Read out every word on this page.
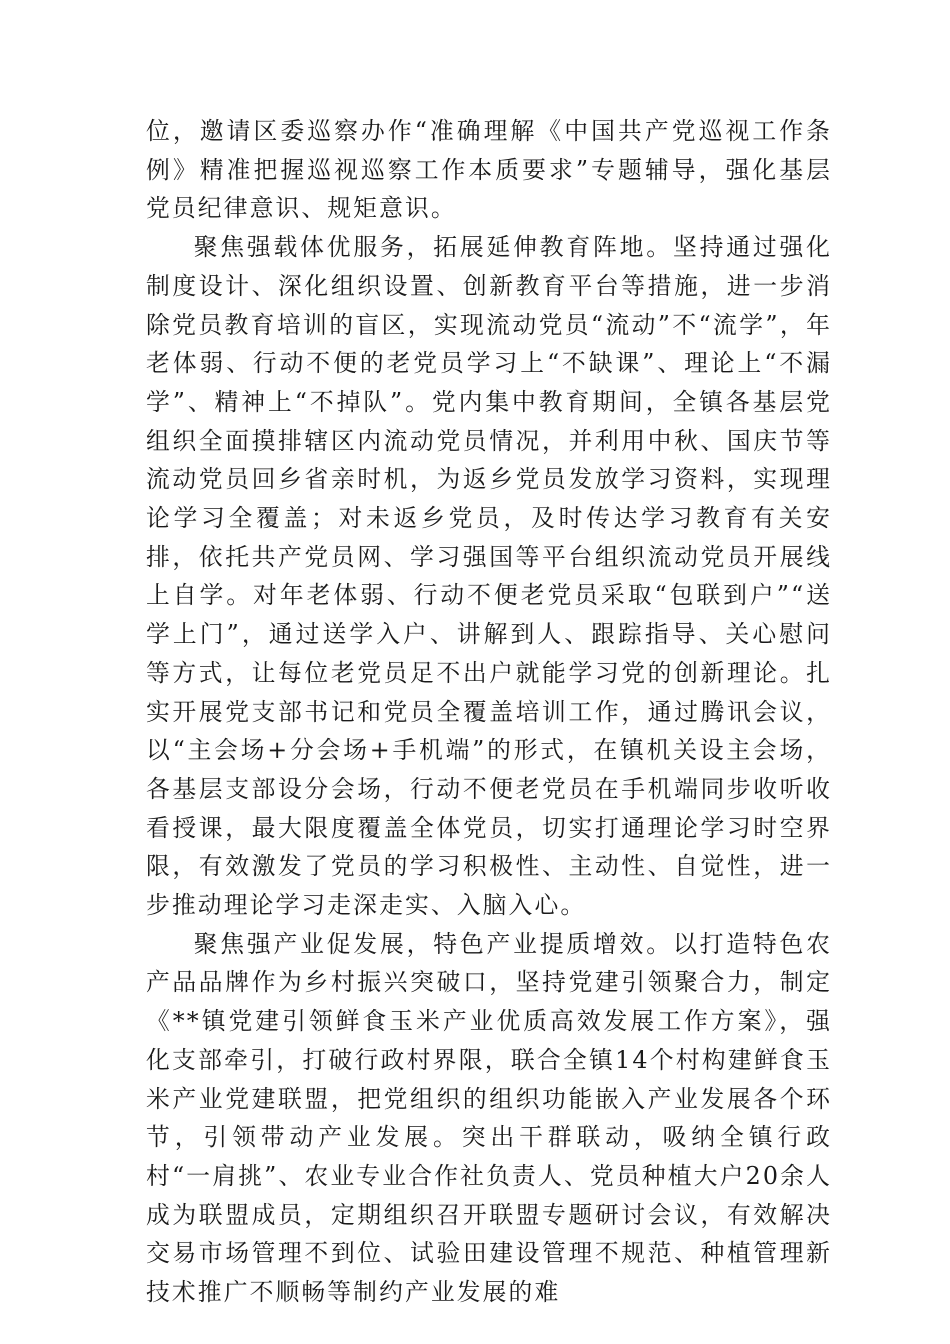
位，邀请区委巡察办作“准确理解《中国共产党巡视工作条例》精准把握巡视巡察工作本质要求”专题辅导，强化基层党员纪律意识、规矩意识。

聚焦强载体优服务，拓展延伸教育阵地。坚持通过强化制度设计、深化组织设置、创新教育平台等措施，进一步消除党员教育培训的盲区，实现流动党员“流动”不“流学”，年老体弱、行动不便的老党员学习上“不缺课”、理论上“不漏学”、精神上“不掉队”。党内集中教育期间，全镇各基层党组织全面摸排辖区内流动党员情况，并利用中秋、国庆节等流动党员回乡省亲时机，为返乡党员发放学习资料，实现理论学习全覆盖；对未返乡党员，及时传达学习教育有关安排，依托共产党员网、学习强国等平台组织流动党员开展线上自学。对年老体弱、行动不便老党员采取“包联到户”“送学上门”，通过送学入户、讲解到人、跟踪指导、关心慰问等方式，让每位老党员足不出户就能学习党的创新理论。扎实开展党支部书记和党员全覆盖培训工作，通过腾讯会议，以“主会场+分会场+手机端”的形式，在镇机关设主会场，各基层支部设分会场，行动不便老党员在手机端同步收听收看授课，最大限度覆盖全体党员，切实打通理论学习时空界限，有效激发了党员的学习积极性、主动性、自觉性，进一步推动理论学习走深走实、入脑入心。

聚焦强产业促发展，特色产业提质增效。以打造特色农产品品牌作为乡村振兴突破口，坚持党建引领聚合力，制定《**镇党建引领鲜食玉米产业优质高效发展工作方案》，强化支部牵引，打破行政村界限，联合全镇14个村构建鲜食玉米产业党建联盟，把党组织的组织功能嵌入产业发展各个环节，引领带动产业发展。突出干群联动，吸纳全镇行政村“一肩挑”、农业专业合作社负责人、党员种植大户20余人成为联盟成员，定期组织召开联盟专题研讨会议，有效解决交易市场管理不到位、试验田建设管理不规范、种植管理新技术推广不顺畅等制约产业发展的难
